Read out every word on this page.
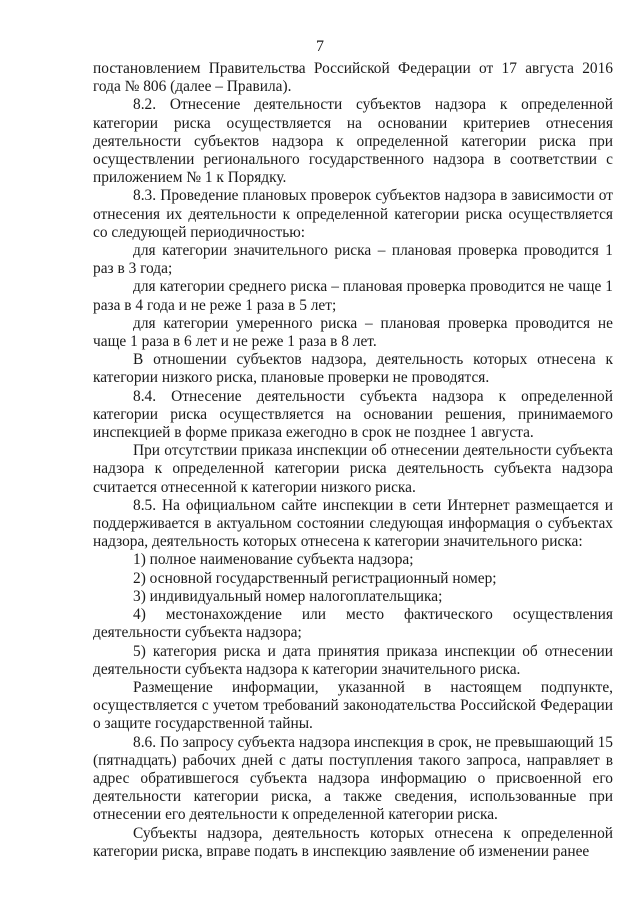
7

постановлением Правительства Российской Федерации от 17 августа 2016 года № 806 (далее – Правила).

8.2. Отнесение деятельности субъектов надзора к определенной категории риска осуществляется на основании критериев отнесения деятельности субъектов надзора к определенной категории риска при осуществлении регионального государственного надзора в соответствии с приложением № 1 к Порядку.

8.3. Проведение плановых проверок субъектов надзора в зависимости от отнесения их деятельности к определенной категории риска осуществляется со следующей периодичностью:

для категории значительного риска – плановая проверка проводится 1 раз в 3 года;

для категории среднего риска – плановая проверка проводится не чаще 1 раза в 4 года и не реже 1 раза в 5 лет;

для категории умеренного риска – плановая проверка проводится не чаще 1 раза в 6 лет и не реже 1 раза в 8 лет.

В отношении субъектов надзора, деятельность которых отнесена к категории низкого риска, плановые проверки не проводятся.

8.4. Отнесение деятельности субъекта надзора к определенной категории риска осуществляется на основании решения, принимаемого инспекцией в форме приказа ежегодно в срок не позднее 1 августа.

При отсутствии приказа инспекции об отнесении деятельности субъекта надзора к определенной категории риска деятельность субъекта надзора считается отнесенной к категории низкого риска.

8.5. На официальном сайте инспекции в сети Интернет размещается и поддерживается в актуальном состоянии следующая информация о субъектах надзора, деятельность которых отнесена к категории значительного риска:

1) полное наименование субъекта надзора;

2) основной государственный регистрационный номер;

3) индивидуальный номер налогоплательщика;

4) местонахождение или место фактического осуществления деятельности субъекта надзора;

5) категория риска и дата принятия приказа инспекции об отнесении деятельности субъекта надзора к категории значительного риска.

Размещение информации, указанной в настоящем подпункте, осуществляется с учетом требований законодательства Российской Федерации о защите государственной тайны.

8.6. По запросу субъекта надзора инспекция в срок, не превышающий 15 (пятнадцать) рабочих дней с даты поступления такого запроса, направляет в адрес обратившегося субъекта надзора информацию о присвоенной его деятельности категории риска, а также сведения, использованные при отнесении его деятельности к определенной категории риска.

Субъекты надзора, деятельность которых отнесена к определенной категории риска, вправе подать в инспекцию заявление об изменении ранее
